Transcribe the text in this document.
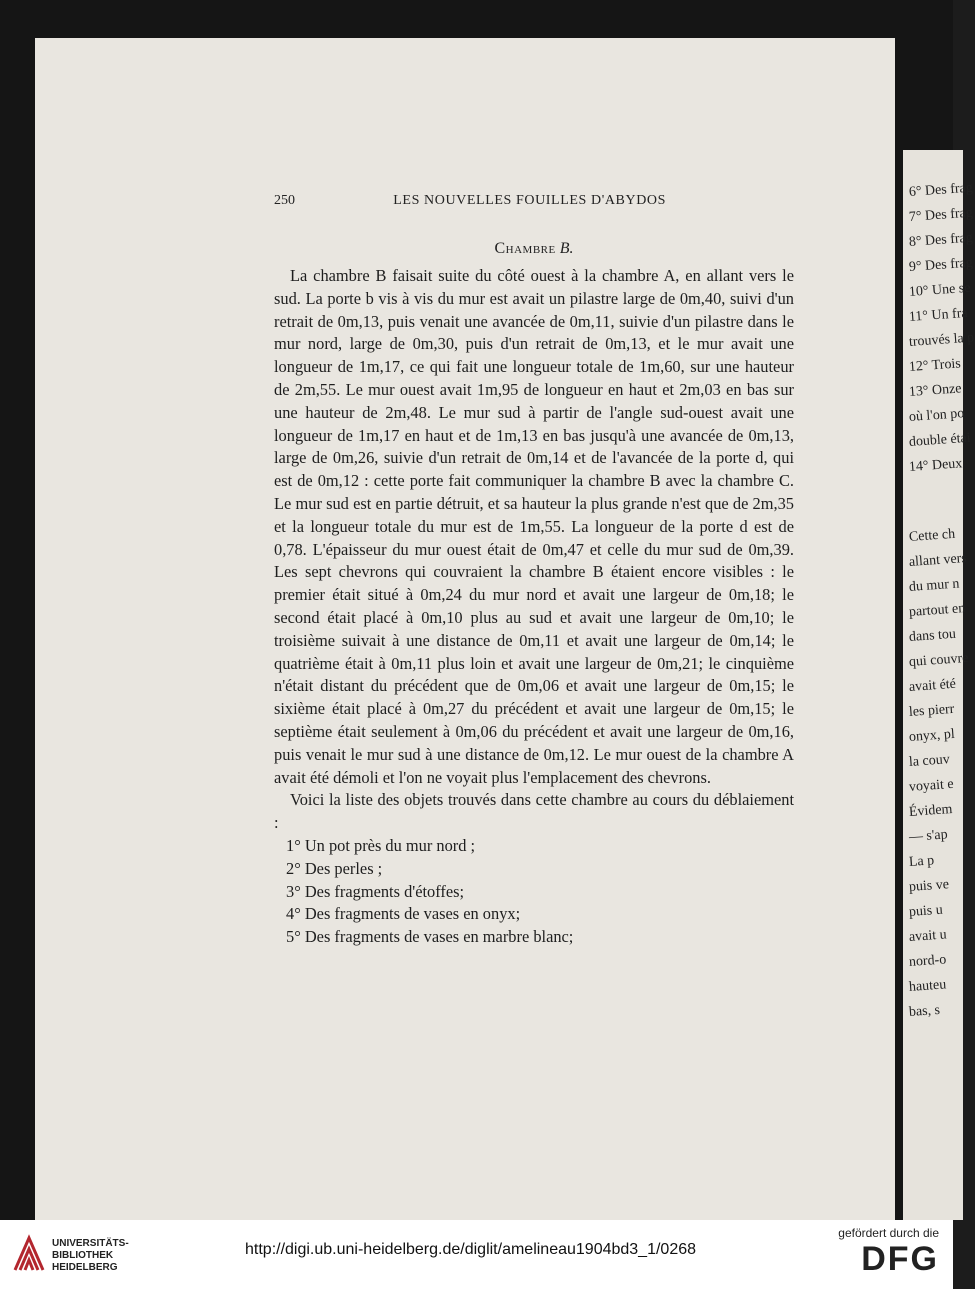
250	LES NOUVELLES FOUILLES D'ABYDOS
Chambre B.

La chambre B faisait suite du côté ouest à la chambre A, en allant vers le sud. La porte b vis à vis du mur est avait un pilastre large de 0m,40, suivi d'un retrait de 0m,13, puis venait une avancée de 0m,11, suivie d'un pilastre dans le mur nord, large de 0m,30, puis d'un retrait de 0m,13, et le mur avait une longueur de 1m,17, ce qui fait une longueur totale de 1m,60, sur une hauteur de 2m,55. Le mur ouest avait 1m,95 de longueur en haut et 2m,03 en bas sur une hauteur de 2m,48. Le mur sud à partir de l'angle sud-ouest avait une longueur de 1m,17 en haut et de 1m,13 en bas jusqu'à une avancée de 0m,13, large de 0m,26, suivie d'un retrait de 0m,14 et de l'avancée de la porte d, qui est de 0m,12 : cette porte fait communiquer la chambre B avec la chambre C. Le mur sud est en partie détruit, et sa hauteur la plus grande n'est que de 2m,35 et la longueur totale du mur est de 1m,55. La longueur de la porte d est de 0,78. L'épaisseur du mur ouest était de 0m,47 et celle du mur sud de 0m,39. Les sept chevrons qui couvraient la chambre B étaient encore visibles : le premier était situé à 0m,24 du mur nord et avait une largeur de 0m,18; le second était placé à 0m,10 plus au sud et avait une largeur de 0m,10; le troisième suivait à une distance de 0m,11 et avait une largeur de 0m,14; le quatrième était à 0m,11 plus loin et avait une largeur de 0m,21; le cinquième n'était distant du précédent que de 0m,06 et avait une largeur de 0m,15; le sixième était placé à 0m,27 du précédent et avait une largeur de 0m,15; le septième était seulement à 0m,06 du précédent et avait une largeur de 0m,16, puis venait le mur sud à une distance de 0m,12. Le mur ouest de la chambre A avait été démoli et l'on ne voyait plus l'emplacement des chevrons.

Voici la liste des objets trouvés dans cette chambre au cours du déblaiement :

1° Un pot près du mur nord ;
2° Des perles ;
3° Des fragments d'étoffes;
4° Des fragments de vases en onyx;
5° Des fragments de vases en marbre blanc;
6° Des frag
7° Des frag
8° Des frag
9° Des frag
10° Une se
11° Un fra
trouvés la p
12° Trois
13° Onze
où l'on po
double étai
14° Deux
Cette ch
allant vers
du mur n
partout en
dans tou
qui couvre
avait été
les pierr
onyx, pl
la couv
voyait e
Évidem
— s'ap
La p
puis ve
puis u
avait u
nord-o
hauteu
bas, s
UNIVERSITÄTS-
BIBLIOTHEK
HEIDELBERG
http://digi.ub.uni-heidelberg.de/diglit/amelineau1904bd3_1/0268
gefördert durch die
DFG
